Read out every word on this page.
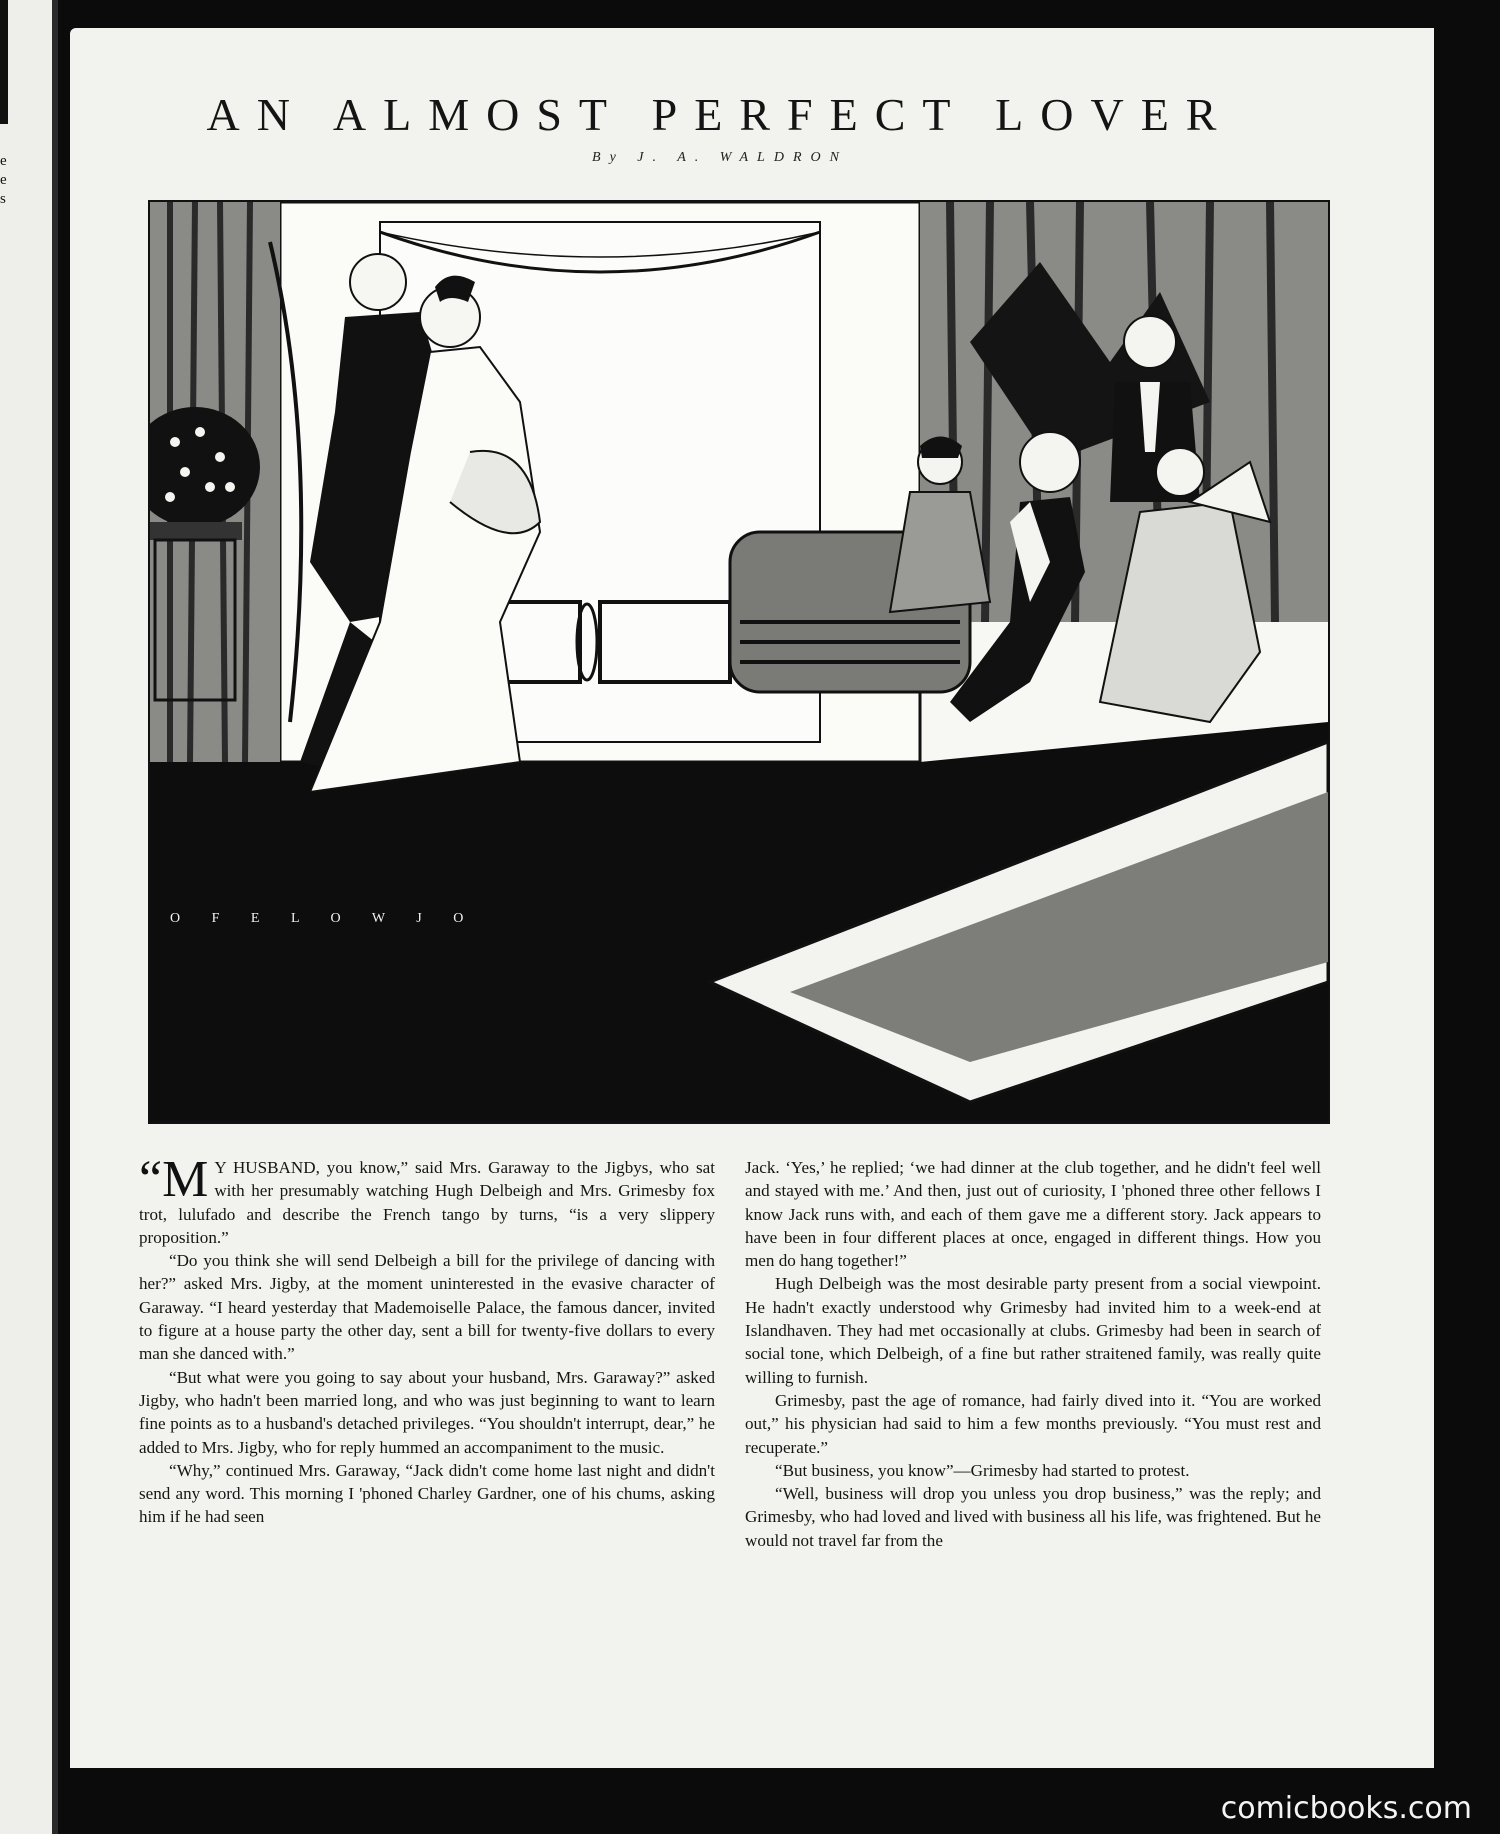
e
e
s
AN ALMOST PERFECT LOVER
By J. A. WALDRON
O F E L O W J O

“M Y HUSBAND, you know,” said Mrs. Garaway to the Jigbys, who sat with her presumably watching Hugh Delbeigh and Mrs. Grimesby fox trot, lulufado and describe the French tango by turns, “is a very slippery proposition.”

“Do you think she will send Delbeigh a bill for the privilege of dancing with her?” asked Mrs. Jigby, at the moment uninterested in the evasive character of Garaway. “I heard yesterday that Mademoiselle Palace, the famous dancer, invited to figure at a house party the other day, sent a bill for twenty-five dollars to every man she danced with.”

“But what were you going to say about your husband, Mrs. Garaway?” asked Jigby, who hadn't been married long, and who was just beginning to want to learn fine points as to a husband's detached privileges. “You shouldn't interrupt, dear,” he added to Mrs. Jigby, who for reply hummed an accompaniment to the music.

“Why,” continued Mrs. Garaway, “Jack didn't come home last night and didn't send any word. This morning I 'phoned Charley Gardner, one of his chums, asking him if he had seen

Jack. ‘Yes,’ he replied; ‘we had dinner at the club together, and he didn't feel well and stayed with me.’ And then, just out of curiosity, I 'phoned three other fellows I know Jack runs with, and each of them gave me a different story. Jack appears to have been in four different places at once, engaged in different things. How you men do hang together!”

Hugh Delbeigh was the most desirable party present from a social viewpoint. He hadn't exactly understood why Grimesby had invited him to a week-end at Islandhaven. They had met occasionally at clubs. Grimesby had been in search of social tone, which Delbeigh, of a fine but rather straitened family, was really quite willing to furnish.

Grimesby, past the age of romance, had fairly dived into it. “You are worked out,” his physician had said to him a few months previously. “You must rest and recuperate.”

“But business, you know”—Grimesby had started to protest.

“Well, business will drop you unless you drop business,” was the reply; and Grimesby, who had loved and lived with business all his life, was frightened. But he would not travel far from the

comicbooks.com
